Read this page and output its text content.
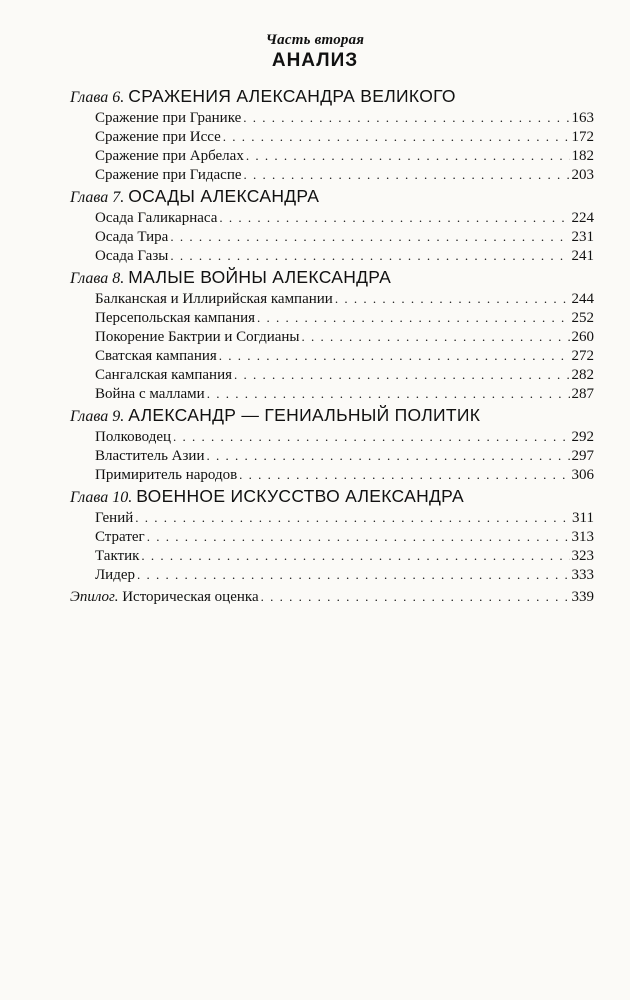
Часть вторая
АНАЛИЗ
Глава 6. СРАЖЕНИЯ АЛЕКСАНДРА ВЕЛИКОГО
Сражение при Гранике . . .	163
Сражение при Иссе . . .	172
Сражение при Арбелах . . .	182
Сражение при Гидаспе . . .	203
Глава 7. ОСАДЫ АЛЕКСАНДРА
Осада Галикарнаса . . .	224
Осада Тира . . .	231
Осада Газы . . .	241
Глава 8. МАЛЫЕ ВОЙНЫ АЛЕКСАНДРА
Балканская и Иллирийская кампании . . .	244
Персепольская кампания . . .	252
Покорение Бактрии и Согдианы . . .	260
Сватская кампания . . .	272
Сангалская кампания . . .	282
Война с маллами . . .	287
Глава 9. АЛЕКСАНДР — ГЕНИАЛЬНЫЙ ПОЛИТИК
Полководец . . .	292
Властитель Азии . . .	297
Примиритель народов . . .	306
Глава 10. ВОЕННОЕ ИСКУССТВО АЛЕКСАНДРА
Гений . . .	311
Стратег . . .	313
Тактик . . .	323
Лидер . . .	333
Эпилог.
Историческая оценка . . .	339
